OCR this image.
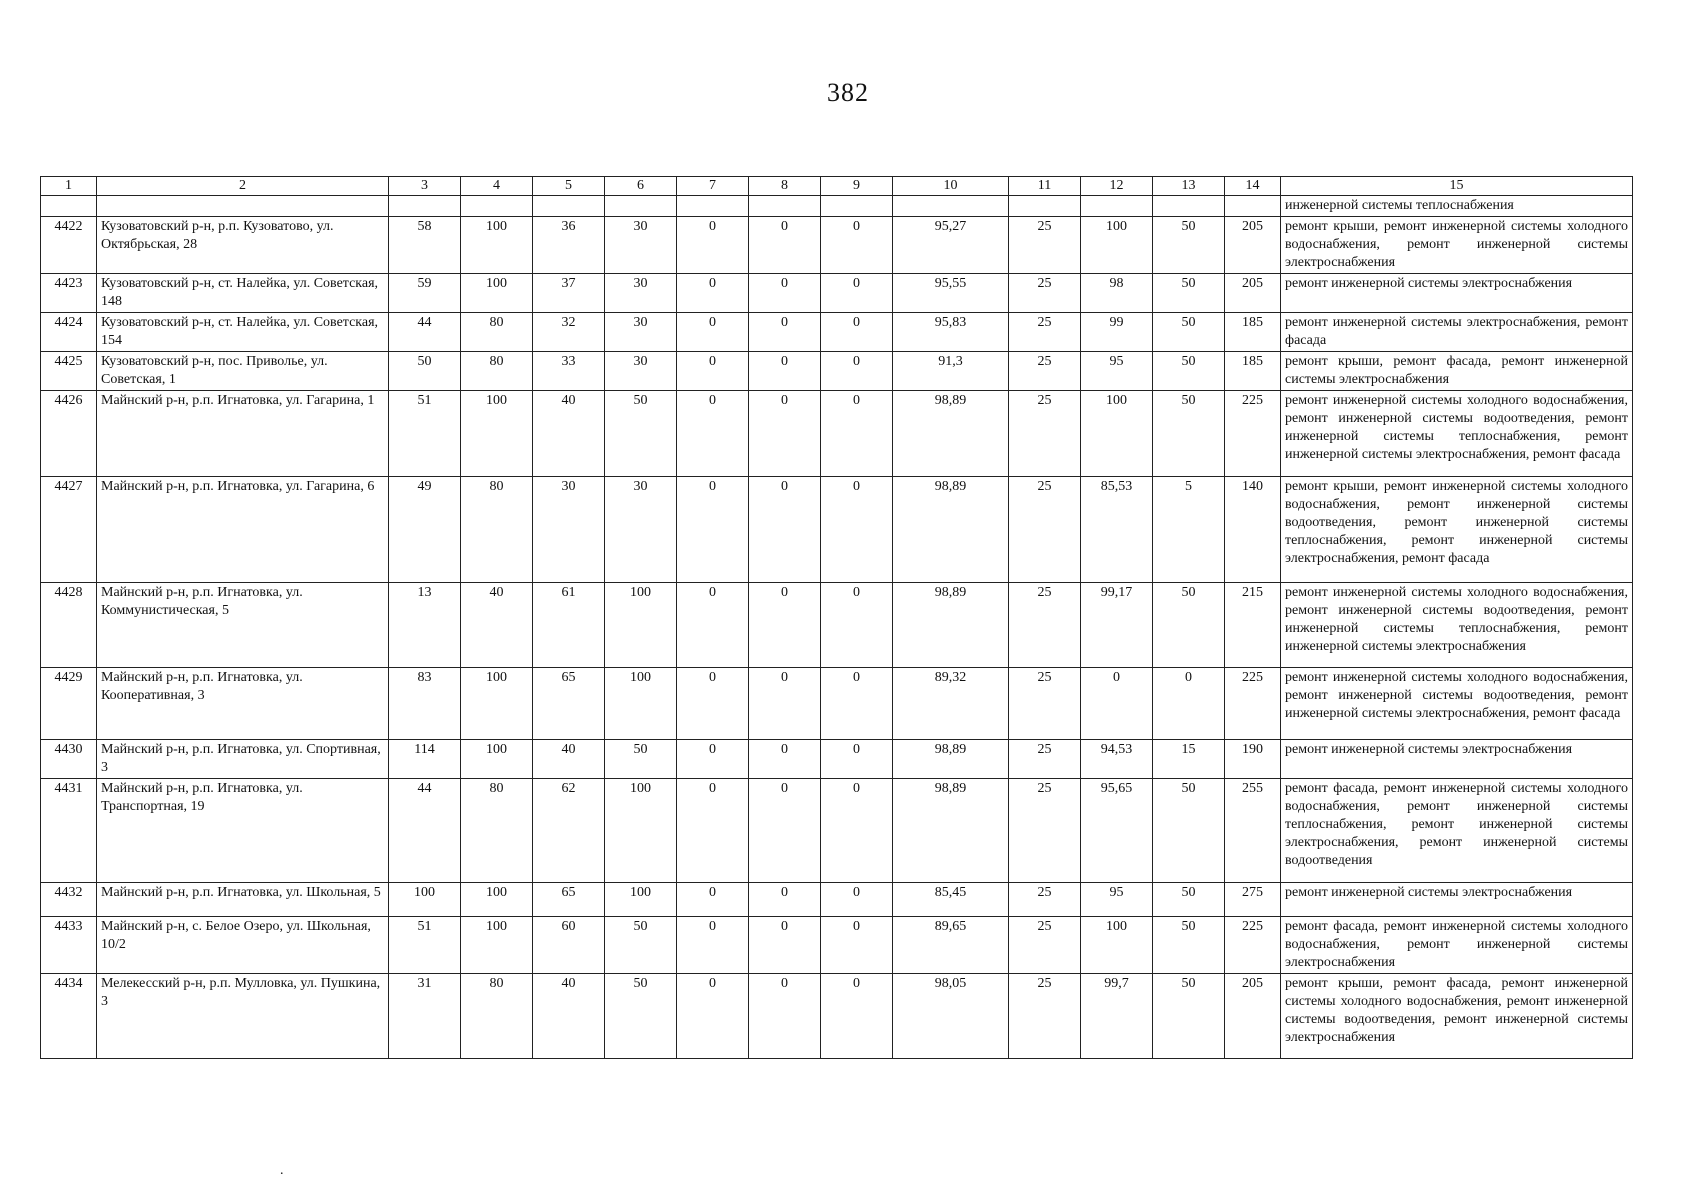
382
1	2	3	4	5	6	7	8	9	10	11	12	13	14	15
														инженерной системы теплоснабжения
4422	Кузоватовский р-н, р.п. Кузоватово, ул. Октябрьская, 28	58	100	36	30	0	0	0	95,27	25	100	50	205	ремонт крыши, ремонт инженерной системы холодного водоснабжения, ремонт инженерной системы электроснабжения
4423	Кузоватовский р-н, ст. Налейка, ул. Советская, 148	59	100	37	30	0	0	0	95,55	25	98	50	205	ремонт инженерной системы электроснабжения
4424	Кузоватовский р-н, ст. Налейка, ул. Советская, 154	44	80	32	30	0	0	0	95,83	25	99	50	185	ремонт инженерной системы электроснабжения, ремонт фасада
4425	Кузоватовский р-н, пос. Приволье, ул. Советская, 1	50	80	33	30	0	0	0	91,3	25	95	50	185	ремонт крыши, ремонт фасада, ремонт инженерной системы электроснабжения
4426	Майнский р-н, р.п. Игнатовка, ул. Гагарина, 1	51	100	40	50	0	0	0	98,89	25	100	50	225	ремонт инженерной системы холодного водоснабжения, ремонт инженерной системы водоотведения, ремонт инженерной системы теплоснабжения, ремонт инженерной системы электроснабжения, ремонт фасада
4427	Майнский р-н, р.п. Игнатовка, ул. Гагарина, 6	49	80	30	30	0	0	0	98,89	25	85,53	5	140	ремонт крыши, ремонт инженерной системы холодного водоснабжения, ремонт инженерной системы водоотведения, ремонт инженерной системы теплоснабжения, ремонт инженерной системы электроснабжения, ремонт фасада
4428	Майнский р-н, р.п. Игнатовка, ул. Коммунистическая, 5	13	40	61	100	0	0	0	98,89	25	99,17	50	215	ремонт инженерной системы холодного водоснабжения, ремонт инженерной системы водоотведения, ремонт инженерной системы теплоснабжения, ремонт инженерной системы электроснабжения
4429	Майнский р-н, р.п. Игнатовка, ул. Кооперативная, 3	83	100	65	100	0	0	0	89,32	25	0	0	225	ремонт инженерной системы холодного водоснабжения, ремонт инженерной системы водоотведения, ремонт инженерной системы электроснабжения, ремонт фасада
4430	Майнский р-н, р.п. Игнатовка, ул. Спортивная, 3	114	100	40	50	0	0	0	98,89	25	94,53	15	190	ремонт инженерной системы электроснабжения
4431	Майнский р-н, р.п. Игнатовка, ул. Транспортная, 19	44	80	62	100	0	0	0	98,89	25	95,65	50	255	ремонт фасада, ремонт инженерной системы холодного водоснабжения, ремонт инженерной системы теплоснабжения, ремонт инженерной системы электроснабжения, ремонт инженерной системы водоотведения
4432	Майнский р-н, р.п. Игнатовка, ул. Школьная, 5	100	100	65	100	0	0	0	85,45	25	95	50	275	ремонт инженерной системы электроснабжения
4433	Майнский р-н, с. Белое Озеро, ул. Школьная, 10/2	51	100	60	50	0	0	0	89,65	25	100	50	225	ремонт фасада, ремонт инженерной системы холодного водоснабжения, ремонт инженерной системы электроснабжения
4434	Мелекесский р-н, р.п. Мулловка, ул. Пушкина, 3	31	80	40	50	0	0	0	98,05	25	99,7	50	205	ремонт крыши, ремонт фасада, ремонт инженерной системы холодного водоснабжения, ремонт инженерной системы водоотведения, ремонт инженерной системы электроснабжения
.
